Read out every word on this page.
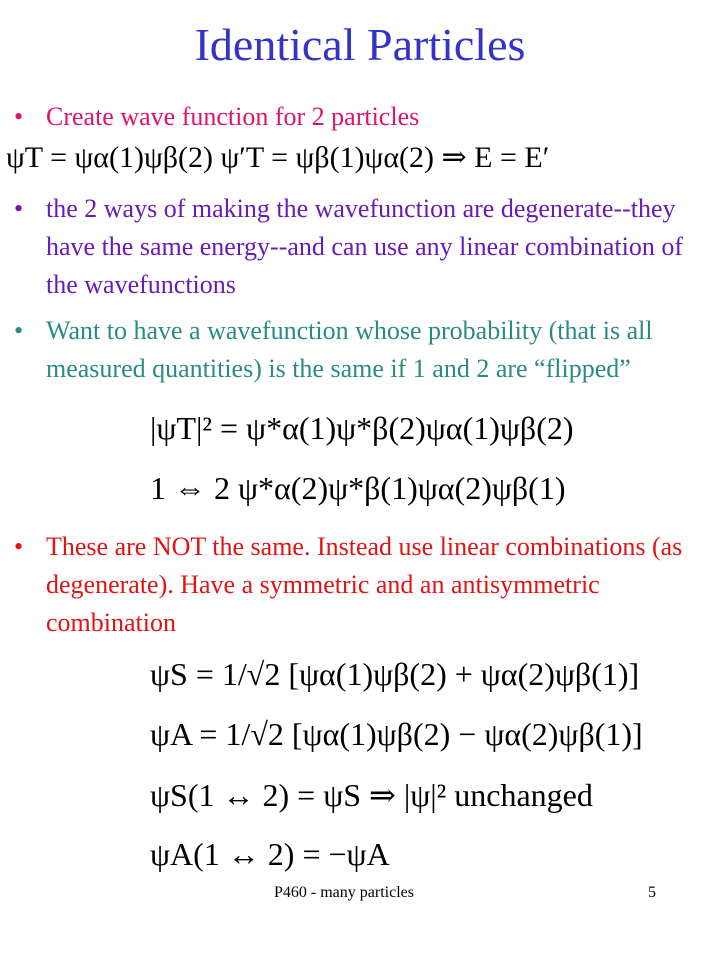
Identical Particles
• Create wave function for 2 particles
ψT = ψα(1)ψβ(2) ψ′T = ψβ(1)ψα(2) ⇒ E = E′
• the 2 ways of making the wavefunction are degenerate--they have the same energy--and can use any linear combination of the wavefunctions
• Want to have a wavefunction whose probability (that is all measured quantities) is the same if 1 and 2 are “flipped”
|ψT|² = ψ*α(1)ψ*β(2)ψα(1)ψβ(2)
1 ⇔ 2 ψ*α(2)ψ*β(1)ψα(2)ψβ(1)
• These are NOT the same. Instead use linear combinations (as degenerate). Have a symmetric and an antisymmetric combination
ψS = 1/√2 [ψα(1)ψβ(2) + ψα(2)ψβ(1)]
ψA = 1/√2 [ψα(1)ψβ(2) − ψα(2)ψβ(1)]
ψS(1 ↔ 2) = ψS ⇒ |ψ|² unchanged
ψA(1 ↔ 2) = −ψA
P460 - many particles	5
